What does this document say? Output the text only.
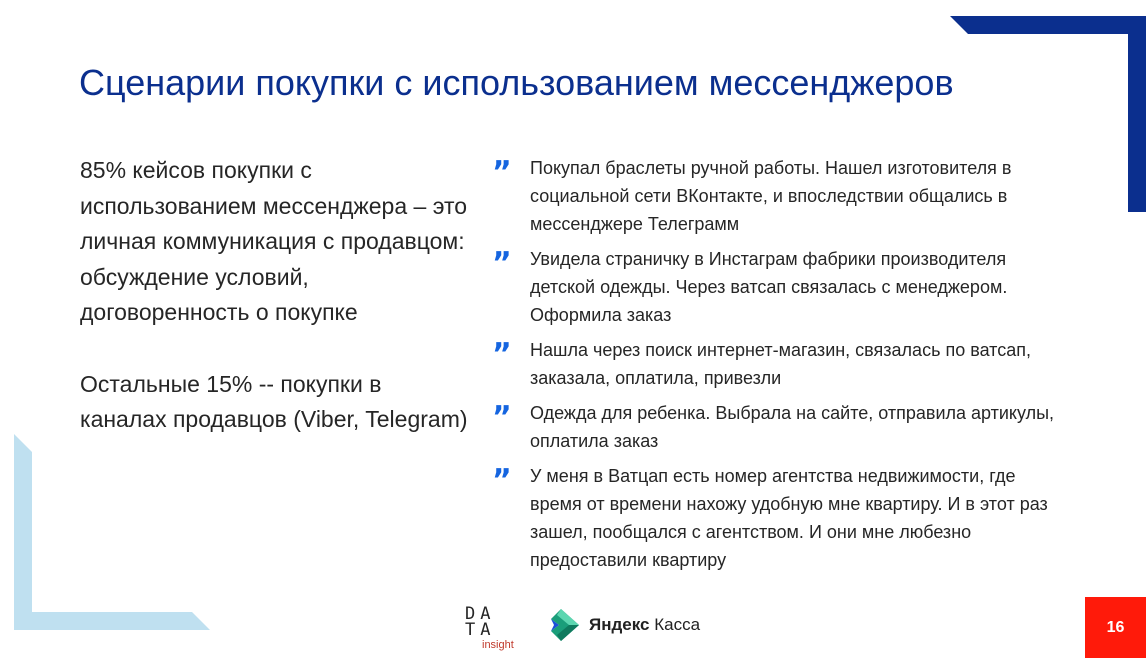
Сценарии покупки с использованием мессенджеров

85% кейсов покупки с использованием мессенджера – это личная коммуникация с продавцом: обсуждение условий, договоренность о покупке

Остальные 15% -- покупки в каналах продавцов (Viber, Telegram)

”	Покупал браслеты ручной работы. Нашел изготовителя в социальной сети ВКонтакте, и впоследствии общались в мессенджере Телеграмм
”	Увидела страничку в Инстаграм фабрики производителя детской одежды. Через ватсап связалась с менеджером. Оформила заказ
”	Нашла через поиск интернет-магазин, связалась по ватсап, заказала, оплатила, привезли
”	Одежда для ребенка. Выбрала на сайте, отправила артикулы, оплатила заказ
”	У меня в Ватцап есть номер агентства недвижимости, где время от времени нахожу удобную мне квартиру. И в этот раз зашел, пообщался с агентством. И они мне любезно предоставили квартиру
DA
TA
insight
Яндекс Касса	16
